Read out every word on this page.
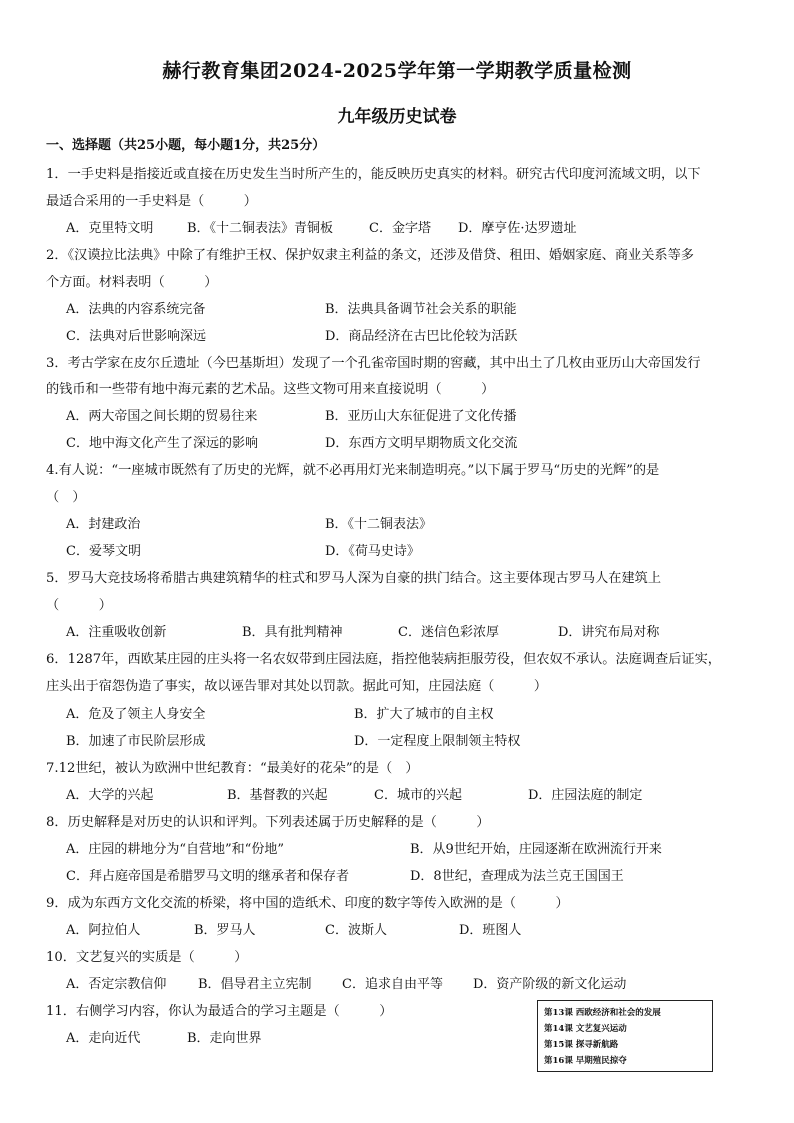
赫行教育集团2024-2025学年第一学期教学质量检测
九年级历史试卷
一、选择题（共25小题，每小题1分，共25分）
1．一手史料是指接近或直接在历史发生当时所产生的，能反映历史真实的材料。研究古代印度河流域文明，以下
最适合采用的一手史料是（　　　）
A．克里特文明	B．《十二铜表法》青铜板	C．金字塔 D．摩亨佐·达罗遗址
2．《汉谟拉比法典》中除了有维护王权、保护奴隶主利益的条文，还涉及借贷、租田、婚姻家庭、商业关系等多
个方面。材料表明（　　　）
A．法典的内容系统完备	B．法典具备调节社会关系的职能
C．法典对后世影响深远	D．商品经济在古巴比伦较为活跃
3．考古学家在皮尔丘遗址（今巴基斯坦）发现了一个孔雀帝国时期的窖藏，其中出土了几枚由亚历山大帝国发行
的钱币和一些带有地中海元素的艺术品。这些文物可用来直接说明（　　　）
A．两大帝国之间长期的贸易往来	B．亚历山大东征促进了文化传播
C．地中海文化产生了深远的影响	D．东西方文明早期物质文化交流
4.有人说：“一座城市既然有了历史的光辉，就不必再用灯光来制造明亮。”以下属于罗马“历史的光辉”的是
（　）
A．封建政治	B．《十二铜表法》
C．爱琴文明	D．《荷马史诗》
5．罗马大竞技场将希腊古典建筑精华的柱式和罗马人深为自豪的拱门结合。这主要体现古罗马人在建筑上
（　　　）
A．注重吸收创新	B．具有批判精神	C．迷信色彩浓厚	D．讲究布局对称
6．1287年，西欧某庄园的庄头将一名农奴带到庄园法庭，指控他装病拒服劳役，但农奴不承认。法庭调查后证实，
庄头出于宿怨伪造了事实，故以诬告罪对其处以罚款。据此可知，庄园法庭（　　　）
A．危及了领主人身安全	B．扩大了城市的自主权
B．加速了市民阶层形成	D．一定程度上限制领主特权
7.12世纪，被认为欧洲中世纪教育：“最美好的花朵”的是（　）
A．大学的兴起	B．基督教的兴起	C．城市的兴起	D．庄园法庭的制定
8．历史解释是对历史的认识和评判。下列表述属于历史解释的是（　　　）
A．庄园的耕地分为“自营地”和“份地”	B．从9世纪开始，庄园逐渐在欧洲流行开来
C．拜占庭帝国是希腊罗马文明的继承者和保存者	D．8世纪，查理成为法兰克王国国王
9．成为东西方文化交流的桥梁，将中国的造纸术、印度的数字等传入欧洲的是（　　　）
A．阿拉伯人	B．罗马人	C．波斯人	D．班图人
10．文艺复兴的实质是（　　　）
A．否定宗教信仰 B．倡导君主立宪制 C．追求自由平等 D．资产阶级的新文化运动
11．右侧学习内容，你认为最适合的学习主题是（　　　）
A．走向近代	B．走向世界
第13课 西欧经济和社会的发展
第14课 文艺复兴运动
第15课 探寻新航路
第16课 早期殖民掠夺
